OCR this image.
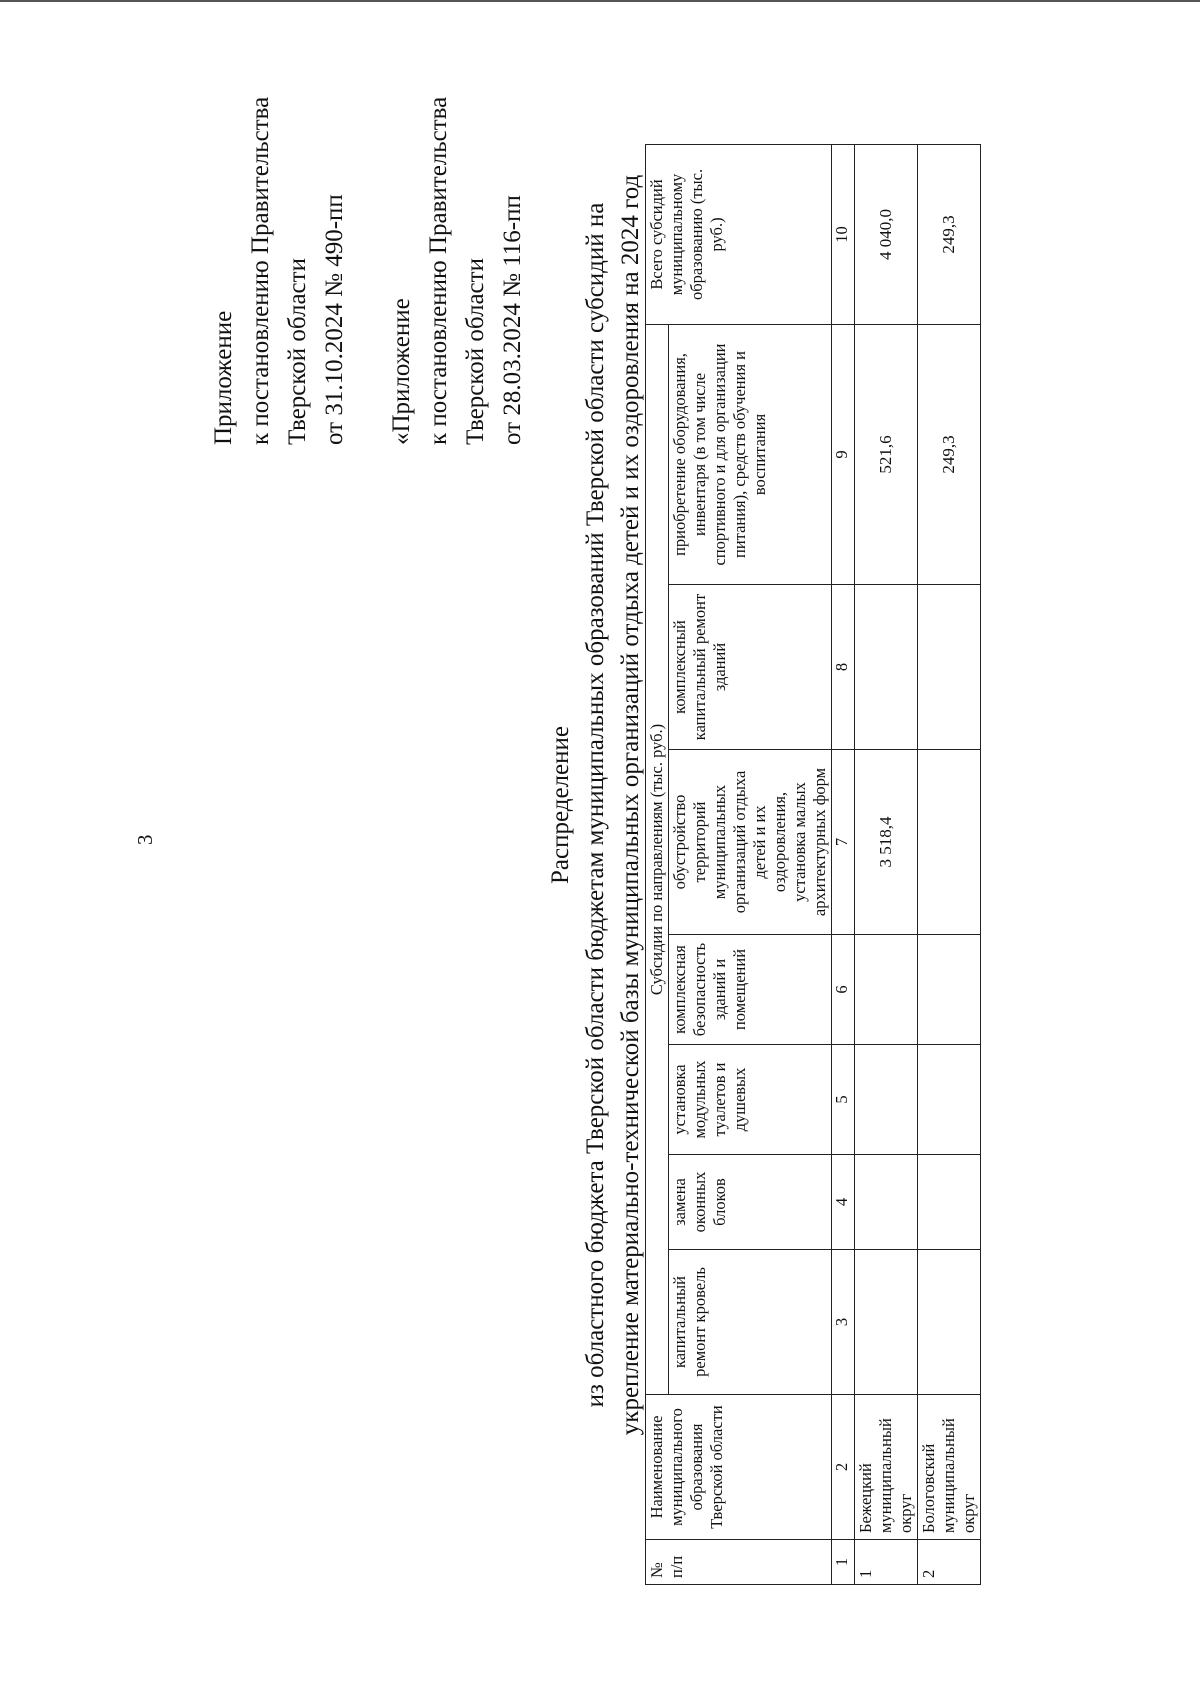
3
Приложение к постановлению Правительства Тверской области от 31.10.2024 № 490-пп «Приложение к постановлению Правительства Тверской области от 28.03.2024 № 116-пп
Распределение из областного бюджета Тверской области бюджетам муниципальных образований Тверской области субсидий на укрепление материально-технической базы муниципальных организаций отдыха детей и их оздоровления на 2024 год
№ п/п	Наименование муниципального образования Тверской области	Субсидии по направлениям (тыс. руб.)							Всего субсидий муниципальному образованию (тыс. руб.)
		капитальный ремонт кровель	замена оконных блоков	установка модульных туалетов и душевых	комплексная безопасность зданий и помещений	обустройство территорий муниципальных организаций отдыха детей и их оздоровления, установка малых архитектурных форм	комплексный капитальный ремонт зданий	приобретение оборудования, инвентаря (в том числе спортивного и для организации питания), средств обучения и воспитания	
1	2	3	4	5	6	7	8	9	10
1	Бежецкий муниципальный округ					3 518,4		521,6	4 040,0
2	Бологовский муниципальный округ							249,3	249,3
